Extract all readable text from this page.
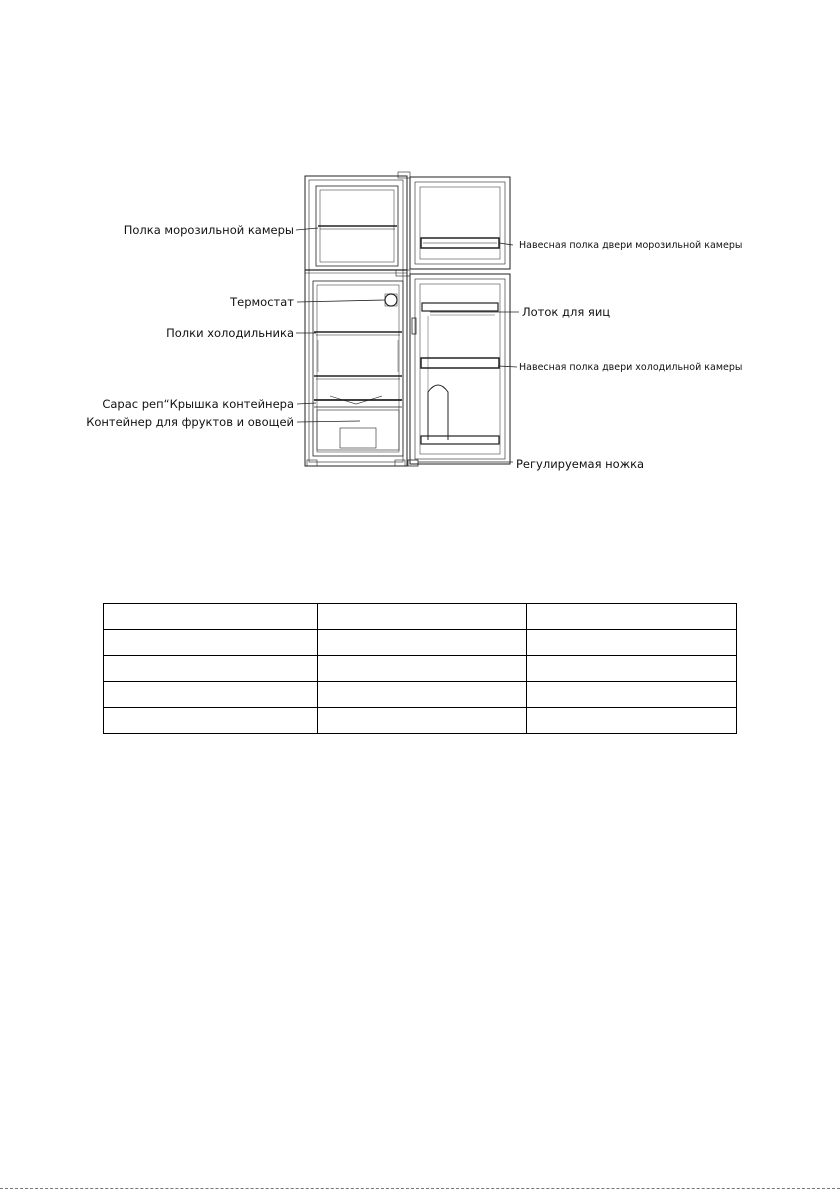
Полка морозильной камеры
Навесная полка двери морозильной камеры
Термостат
Лоток для яиц
Полки холодильника
Навесная полка двери холодильной камеры
Сарас реп“Крышка контейнера
Контейнер для фруктов и овощей
Регулируемая ножка
